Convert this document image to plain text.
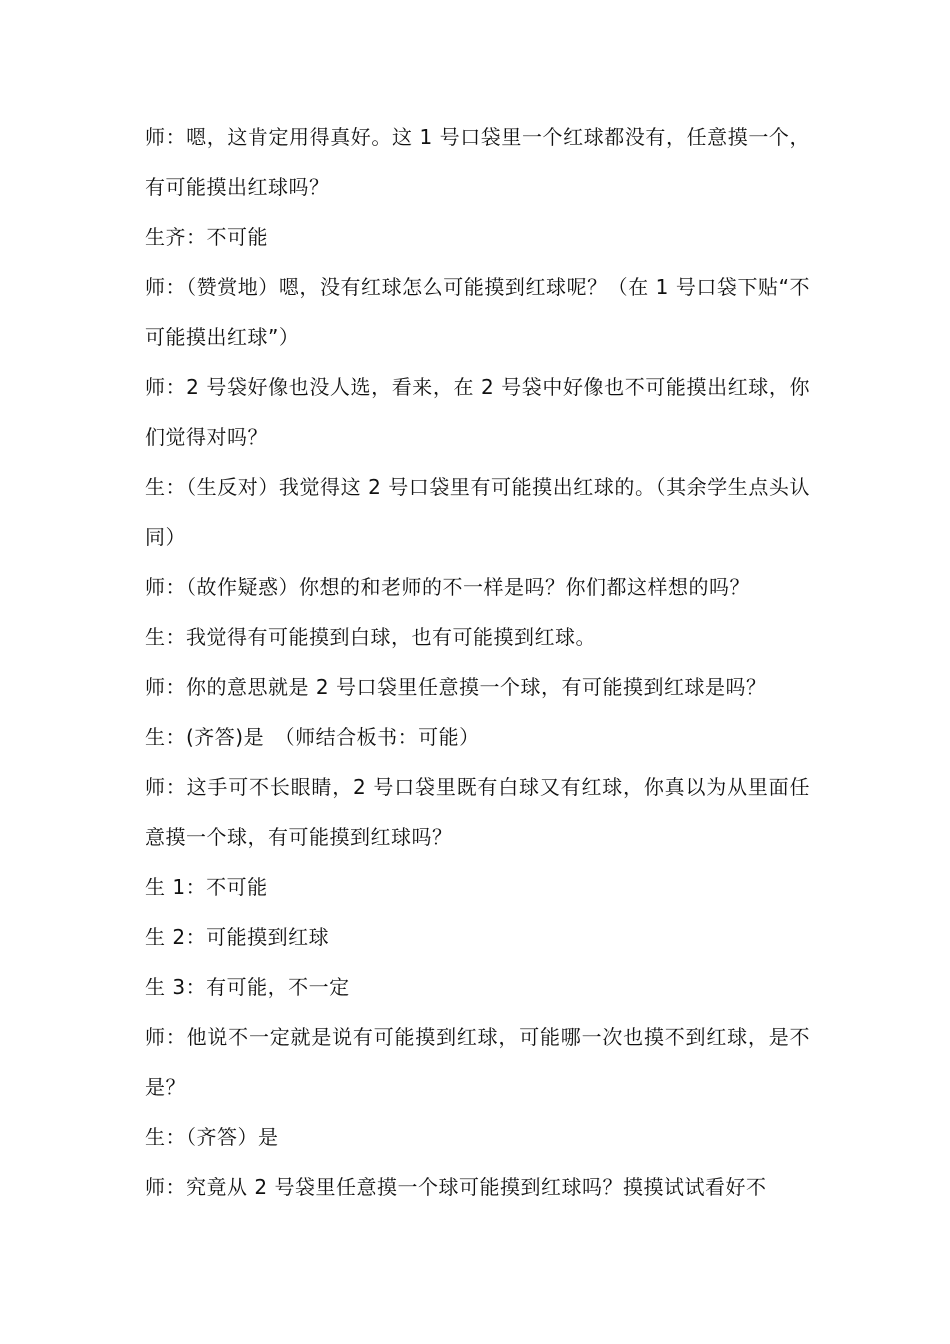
师：嗯，这肯定用得真好。这 1 号口袋里一个红球都没有，任意摸一个，有可能摸出红球吗？

生齐：不可能

师：（赞赏地）嗯，没有红球怎么可能摸到红球呢？（在 1 号口袋下贴“不可能摸出红球”）

师：2 号袋好像也没人选，看来，在 2 号袋中好像也不可能摸出红球，你们觉得对吗？

生：（生反对）我觉得这 2 号口袋里有可能摸出红球的。（其余学生点头认同）

师：（故作疑惑）你想的和老师的不一样是吗？你们都这样想的吗？

生：我觉得有可能摸到白球，也有可能摸到红球。

师：你的意思就是 2 号口袋里任意摸一个球，有可能摸到红球是吗？

生：(齐答)是　（师结合板书：可能）

师：这手可不长眼睛，2 号口袋里既有白球又有红球，你真以为从里面任意摸一个球，有可能摸到红球吗？

生 1：不可能

生 2：可能摸到红球

生 3：有可能，不一定

师：他说不一定就是说有可能摸到红球，可能哪一次也摸不到红球，是不是？

生：（齐答）是

师：究竟从 2 号袋里任意摸一个球可能摸到红球吗？摸摸试试看好不
